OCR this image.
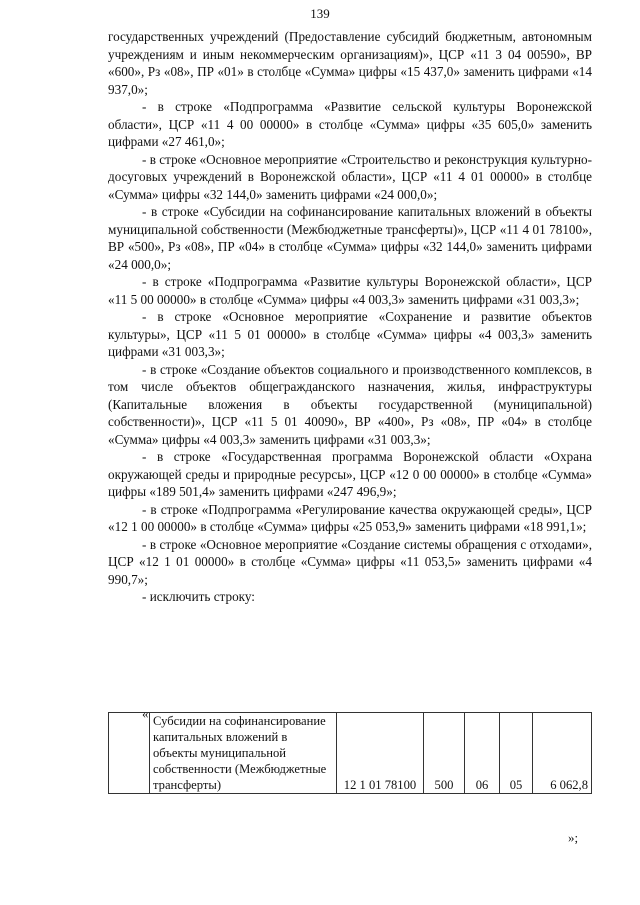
139

государственных учреждений (Предоставление субсидий бюджетным, автономным учреждениям и иным некоммерческим организациям)», ЦСР «11 3 04 00590», ВР «600», Рз «08», ПР «01» в столбце «Сумма» цифры «15 437,0» заменить цифрами «14 937,0»;

- в строке «Подпрограмма «Развитие сельской культуры Воронежской области», ЦСР «11 4 00 00000» в столбце «Сумма» цифры «35 605,0» заменить цифрами «27 461,0»;

- в строке «Основное мероприятие «Строительство и реконструкция культурно-досуговых учреждений в Воронежской области», ЦСР «11 4 01 00000» в столбце «Сумма» цифры «32 144,0» заменить цифрами «24 000,0»;

- в строке «Субсидии на софинансирование капитальных вложений в объекты муниципальной собственности (Межбюджетные трансферты)», ЦСР «11 4 01 78100», ВР «500», Рз «08», ПР «04» в столбце «Сумма» цифры «32 144,0» заменить цифрами «24 000,0»;

- в строке «Подпрограмма «Развитие культуры Воронежской области», ЦСР «11 5 00 00000» в столбце «Сумма» цифры «4 003,3» заменить цифрами «31 003,3»;

- в строке «Основное мероприятие «Сохранение и развитие объектов культуры», ЦСР «11 5 01 00000» в столбце «Сумма» цифры «4 003,3» заменить цифрами «31 003,3»;

- в строке «Создание объектов социального и производственного комплексов, в том числе объектов общегражданского назначения, жилья, инфраструктуры (Капитальные вложения в объекты государственной (муниципальной) собственности)», ЦСР «11 5 01 40090», ВР «400», Рз «08», ПР «04» в столбце «Сумма» цифры «4 003,3» заменить цифрами «31 003,3»;

- в строке «Государственная программа Воронежской области «Охрана окружающей среды и природные ресурсы», ЦСР «12 0 00 00000» в столбце «Сумма» цифры «189 501,4» заменить цифрами «247 496,9»;

- в строке «Подпрограмма «Регулирование качества окружающей среды», ЦСР «12 1 00 00000» в столбце «Сумма» цифры «25 053,9» заменить цифрами «18 991,1»;

- в строке «Основное мероприятие «Создание системы обращения с отходами», ЦСР «12 1 01 00000» в столбце «Сумма» цифры «11 053,5» заменить цифрами «4 990,7»;

- исключить строку:

«
	Субсидии на софинансирование капитальных вложений в объекты муниципальной собственности (Межбюджетные трансферты)	12 1 01 78100	500	06	05	6 062,8
»;
